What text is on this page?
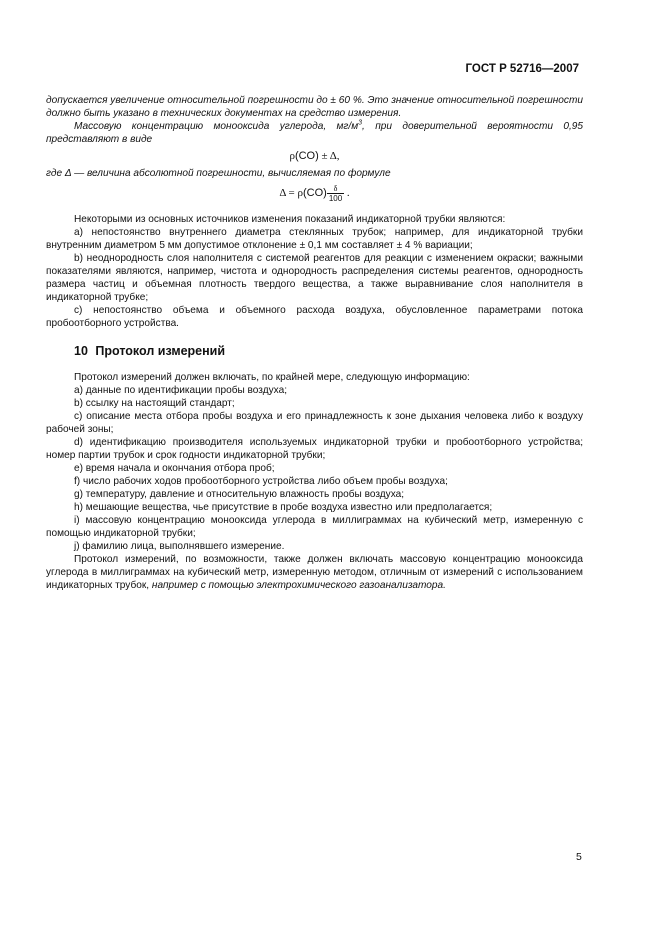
ГОСТ Р 52716—2007

допускается увеличение относительной погрешности до ± 60 %. Это значение относительной погрешности должно быть указано в технических документах на средство измерения.

Массовую концентрацию монооксида углерода, $мг/м^3$, при доверительной вероятности 0,95 представляют в виде

ρ(CO) ± Δ,

где Δ — величина абсолютной погрешности, вычисляемая по формуле

$\Delta = \rho(CO) \frac{\delta}{100}$ .

Некоторыми из основных источников изменения показаний индикаторной трубки являются:

a) непостоянство внутреннего диаметра стеклянных трубок; например, для индикаторной трубки внутренним диаметром 5 мм допустимое отклонение ± 0,1 мм составляет ± 4 % вариации;

b) неоднородность слоя наполнителя с системой реагентов для реакции с изменением окраски; важными показателями являются, например, чистота и однородность распределения системы реагентов, однородность размера частиц и объемная плотность твердого вещества, а также выравнивание слоя наполнителя в индикаторной трубке;

c) непостоянство объема и объемного расхода воздуха, обусловленное параметрами потока пробоотборного устройства.

10 Протокол измерений

Протокол измерений должен включать, по крайней мере, следующую информацию:

a) данные по идентификации пробы воздуха;

b) ссылку на настоящий стандарт;

c) описание места отбора пробы воздуха и его принадлежность к зоне дыхания человека либо к воздуху рабочей зоны;

d) идентификацию производителя используемых индикаторной трубки и пробоотборного устройства; номер партии трубок и срок годности индикаторной трубки;

e) время начала и окончания отбора проб;

f) число рабочих ходов пробоотборного устройства либо объем пробы воздуха;

g) температуру, давление и относительную влажность пробы воздуха;

h) мешающие вещества, чье присутствие в пробе воздуха известно или предполагается;

i) массовую концентрацию монооксида углерода в миллиграммах на кубический метр, измеренную с помощью индикаторной трубки;

j) фамилию лица, выполнявшего измерение.

Протокол измерений, по возможности, также должен включать массовую концентрацию монооксида углерода в миллиграммах на кубический метр, измеренную методом, отличным от измерений с использованием индикаторных трубок, например с помощью электрохимического газоанализатора.

5
